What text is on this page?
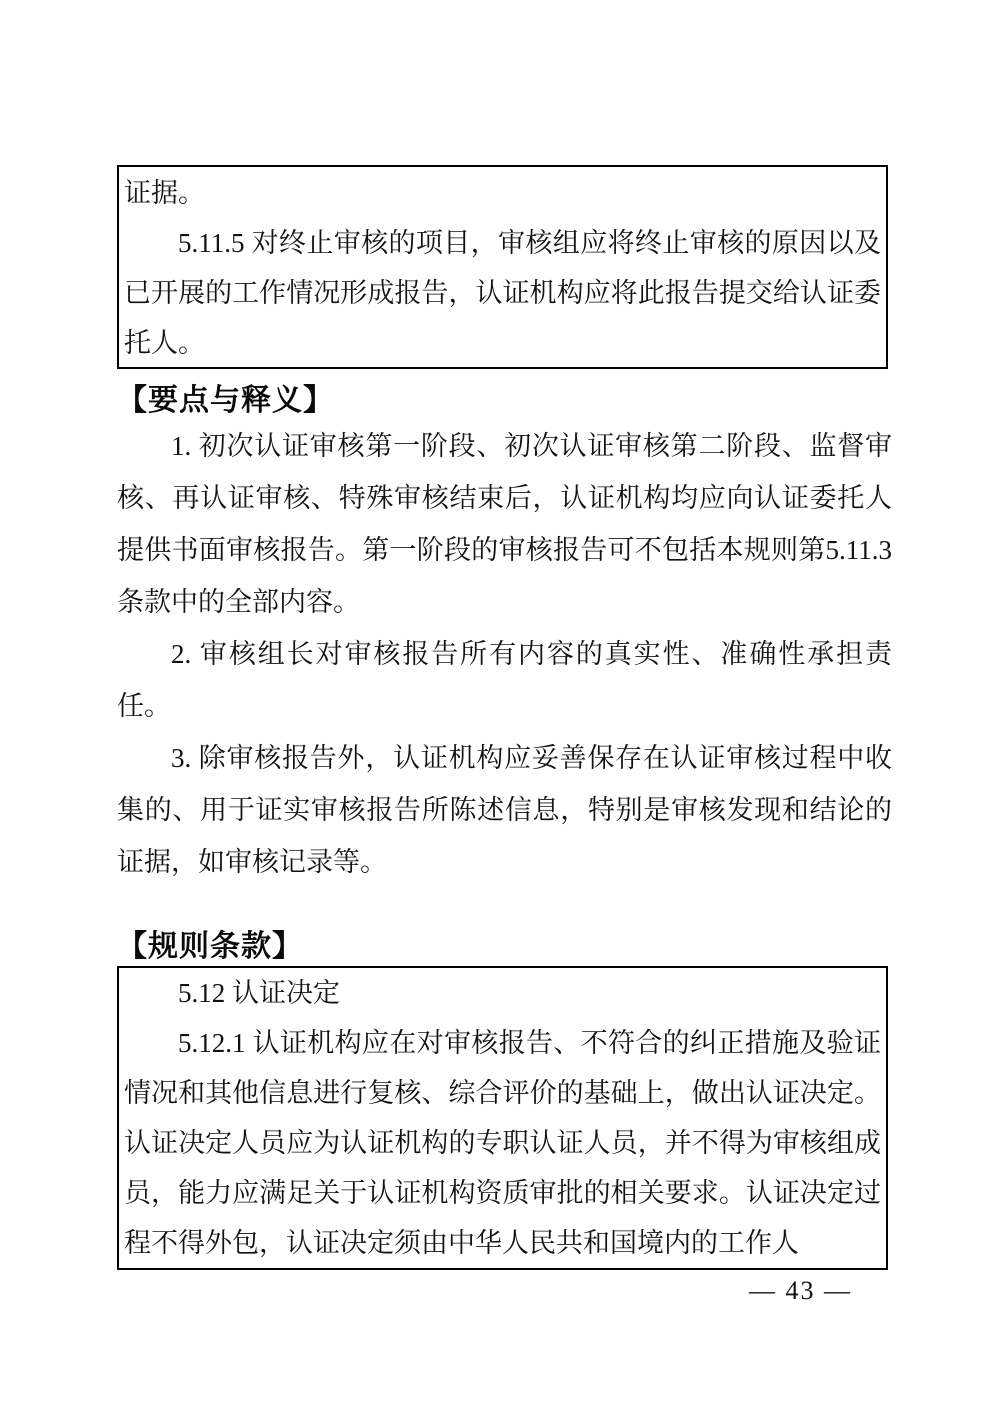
证据。

5.11.5 对终止审核的项目，审核组应将终止审核的原因以及已开展的工作情况形成报告，认证机构应将此报告提交给认证委托人。

【要点与释义】

1. 初次认证审核第一阶段、初次认证审核第二阶段、监督审核、再认证审核、特殊审核结束后，认证机构均应向认证委托人提供书面审核报告。第一阶段的审核报告可不包括本规则第5.11.3 条款中的全部内容。

2. 审核组长对审核报告所有内容的真实性、准确性承担责任。

3. 除审核报告外，认证机构应妥善保存在认证审核过程中收集的、用于证实审核报告所陈述信息，特别是审核发现和结论的证据，如审核记录等。

【规则条款】

5.12 认证决定

5.12.1 认证机构应在对审核报告、不符合的纠正措施及验证情况和其他信息进行复核、综合评价的基础上，做出认证决定。认证决定人员应为认证机构的专职认证人员，并不得为审核组成员，能力应满足关于认证机构资质审批的相关要求。认证决定过程不得外包，认证决定须由中华人民共和国境内的工作人

— 43 —
